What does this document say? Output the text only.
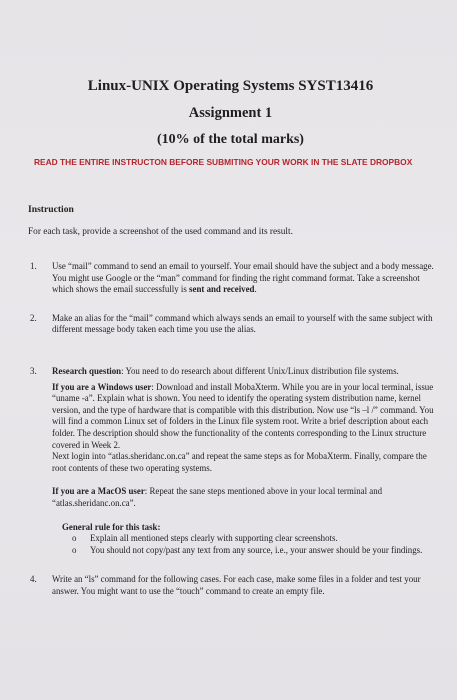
Linux-UNIX Operating Systems SYST13416
Assignment 1
(10% of the total marks)
READ THE ENTIRE INSTRUCTON BEFORE SUBMITING YOUR WORK IN THE SLATE DROPBOX
Instruction
For each task, provide a screenshot of the used command and its result.
1. Use “mail” command to send an email to yourself. Your email should have the subject and a body message. You might use Google or the “man” command for finding the right command format. Take a screenshot which shows the email successfully is sent and received.
2. Make an alias for the “mail” command which always sends an email to yourself with the same subject with different message body taken each time you use the alias.
3. Research question: You need to do research about different Unix/Linux distribution file systems.
If you are a Windows user: Download and install MobaXterm. While you are in your local terminal, issue “uname -a”. Explain what is shown. You need to identify the operating system distribution name, kernel version, and the type of hardware that is compatible with this distribution. Now use “ls –l /” command. You will find a common Linux set of folders in the Linux file system root. Write a brief description about each folder. The description should show the functionality of the contents corresponding to the Linux structure covered in Week 2.
Next login into “atlas.sheridanc.on.ca” and repeat the same steps as for MobaXterm. Finally, compare the root contents of these two operating systems.
If you are a MacOS user: Repeat the sane steps mentioned above in your local terminal and “atlas.sheridanc.on.ca”.
General rule for this task:
o Explain all mentioned steps clearly with supporting clear screenshots.
o You should not copy/past any text from any source, i.e., your answer should be your findings.
4. Write an “ls” command for the following cases. For each case, make some files in a folder and test your answer. You might want to use the “touch” command to create an empty file.
